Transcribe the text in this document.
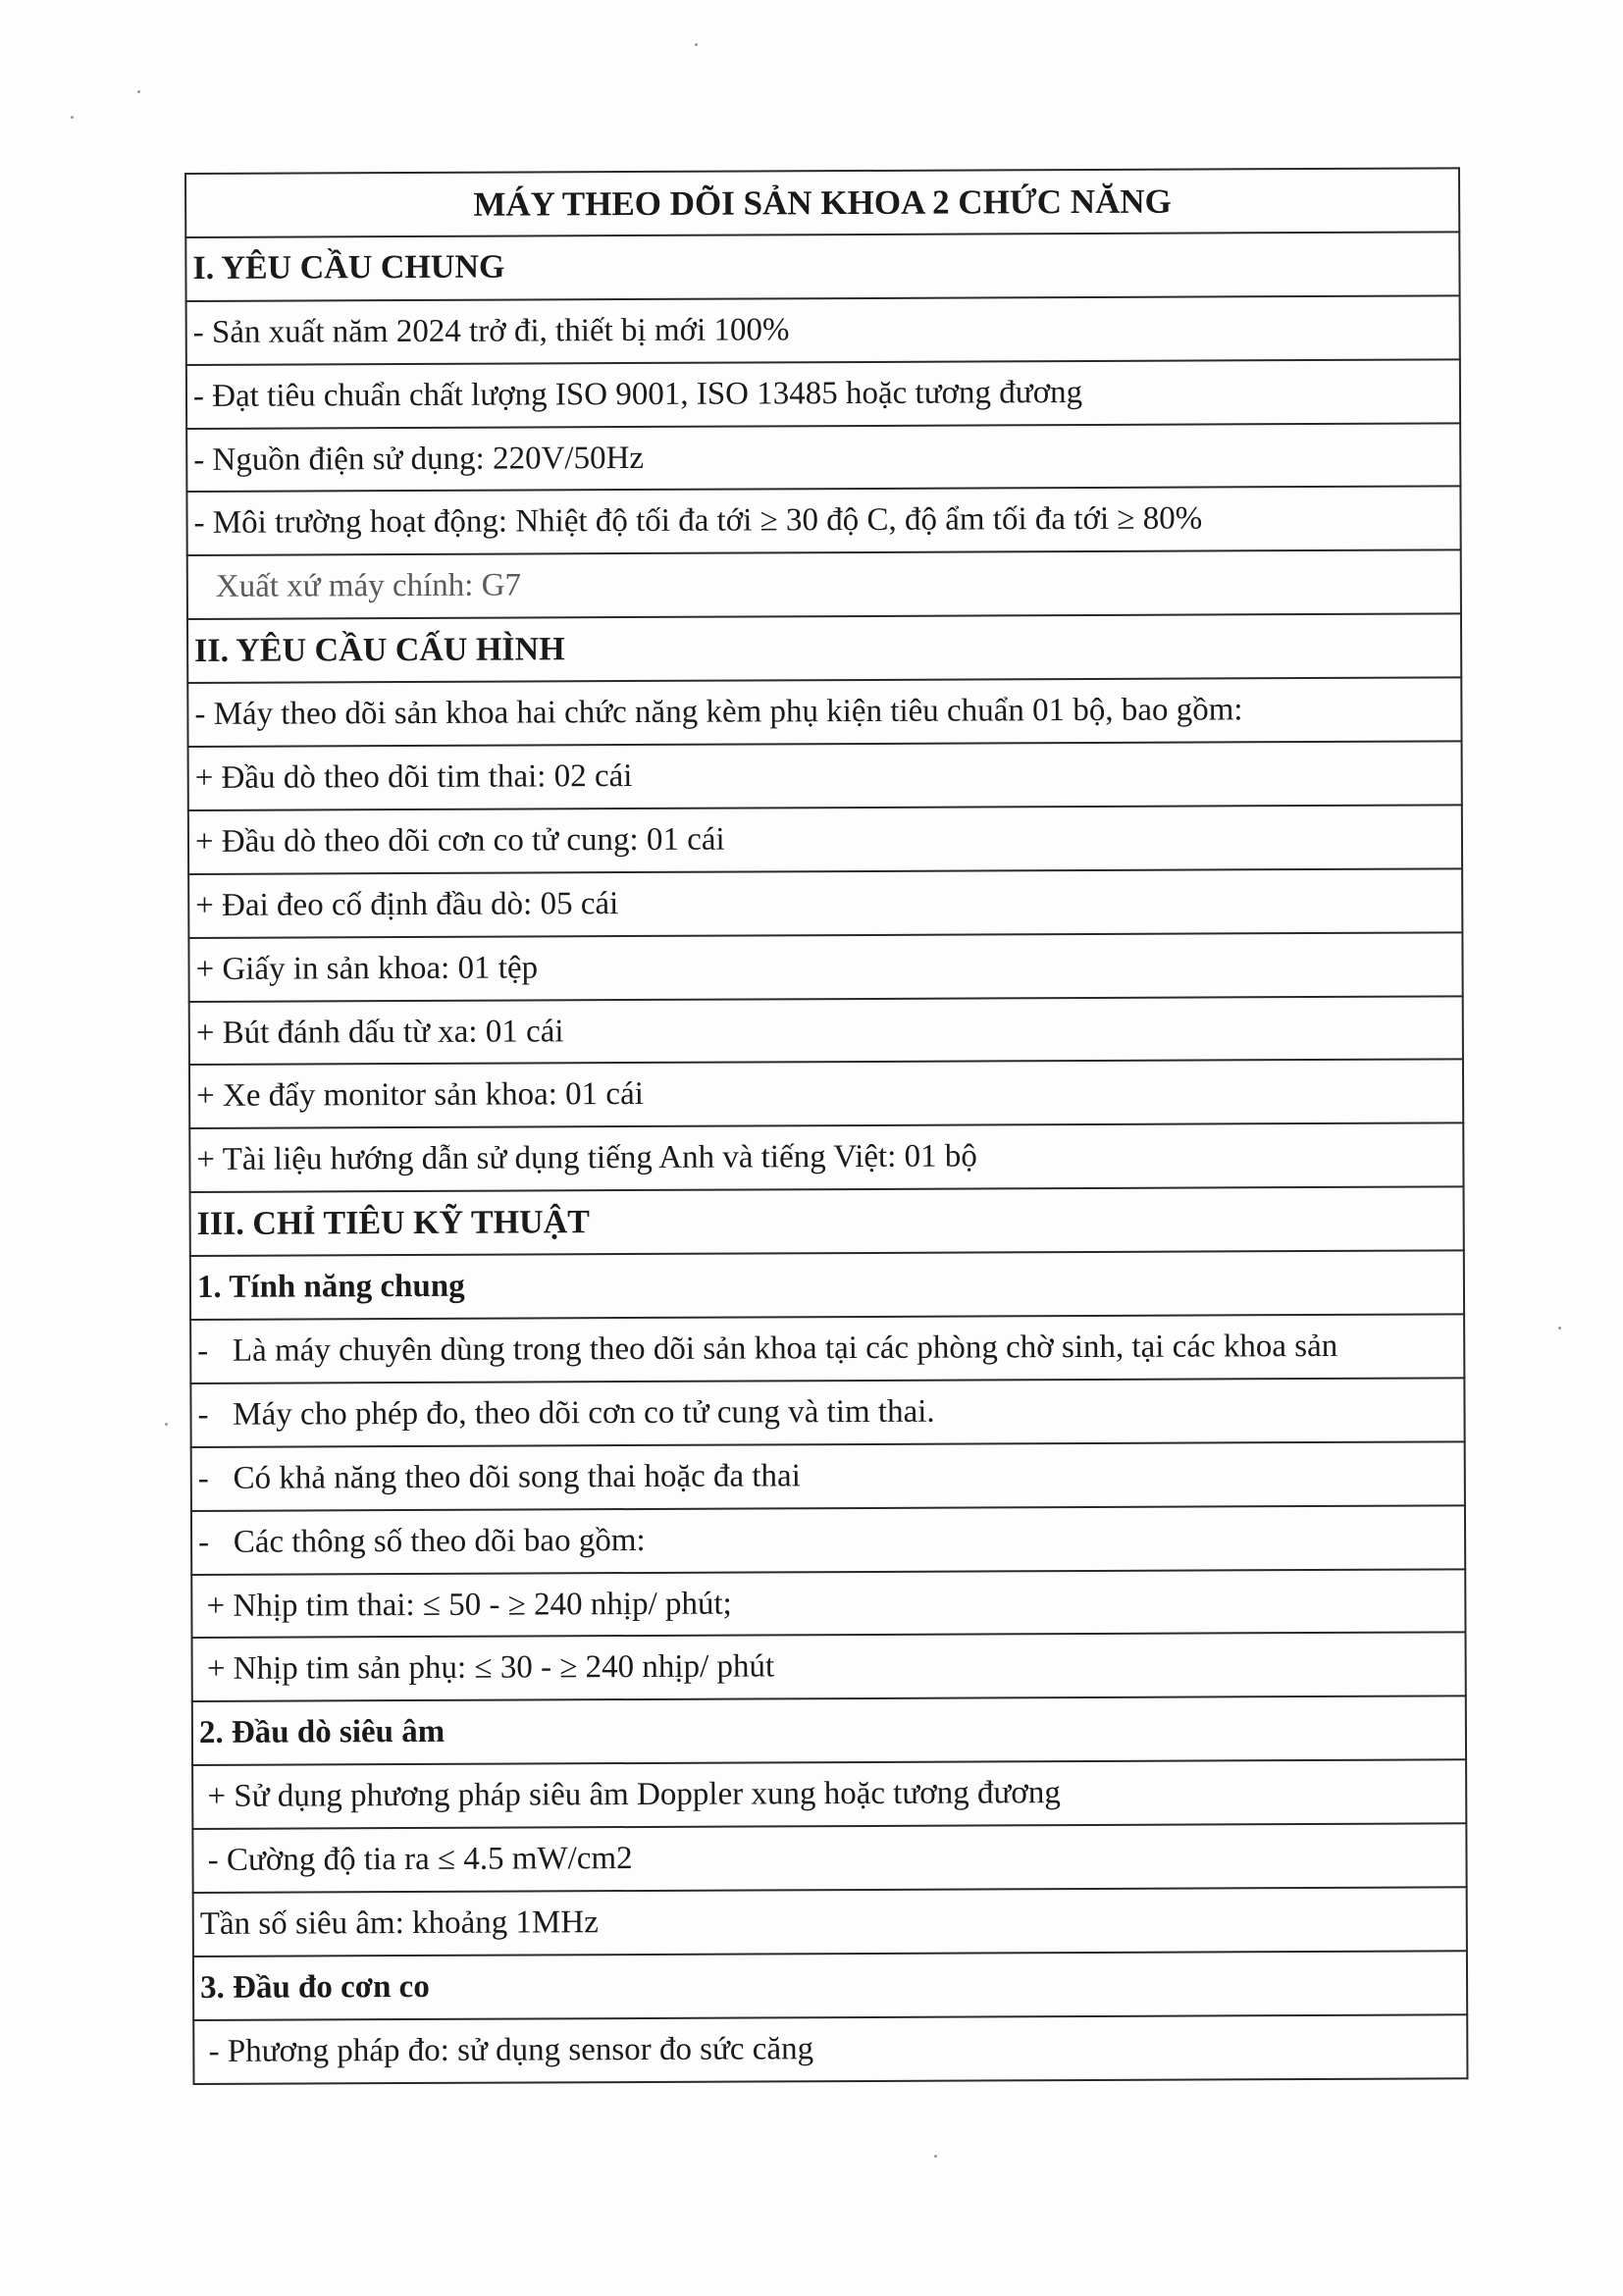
MÁY THEO DÕI SẢN KHOA 2 CHỨC NĂNG
I. YÊU CẦU CHUNG
- Sản xuất năm 2024 trở đi, thiết bị mới 100%
- Đạt tiêu chuẩn chất lượng ISO 9001, ISO 13485 hoặc tương đương
- Nguồn điện sử dụng: 220V/50Hz
- Môi trường hoạt động: Nhiệt độ tối đa tới ≥ 30 độ C, độ ẩm tối đa tới ≥ 80%
Xuất xứ máy chính: G7
II. YÊU CẦU CẤU HÌNH
- Máy theo dõi sản khoa hai chức năng kèm phụ kiện tiêu chuẩn 01 bộ, bao gồm:
+ Đầu dò theo dõi tim thai: 02 cái
+ Đầu dò theo dõi cơn co tử cung: 01 cái
+ Đai đeo cố định đầu dò: 05 cái
+ Giấy in sản khoa: 01 tệp
+ Bút đánh dấu từ xa: 01 cái
+ Xe đẩy monitor sản khoa: 01 cái
+ Tài liệu hướng dẫn sử dụng tiếng Anh và tiếng Việt: 01 bộ
III. CHỈ TIÊU KỸ THUẬT
1. Tính năng chung
-   Là máy chuyên dùng trong theo dõi sản khoa tại các phòng chờ sinh, tại các khoa sản
-   Máy cho phép đo, theo dõi cơn co tử cung và tim thai.
-   Có khả năng theo dõi song thai hoặc đa thai
-   Các thông số theo dõi bao gồm:
+ Nhịp tim thai: ≤ 50 - ≥ 240 nhịp/ phút;
+ Nhịp tim sản phụ: ≤ 30 - ≥ 240 nhịp/ phút
2. Đầu dò siêu âm
+ Sử dụng phương pháp siêu âm Doppler xung hoặc tương đương
- Cường độ tia ra ≤ 4.5 mW/cm2
Tần số siêu âm: khoảng 1MHz
3. Đầu đo cơn co
- Phương pháp đo: sử dụng sensor đo sức căng
